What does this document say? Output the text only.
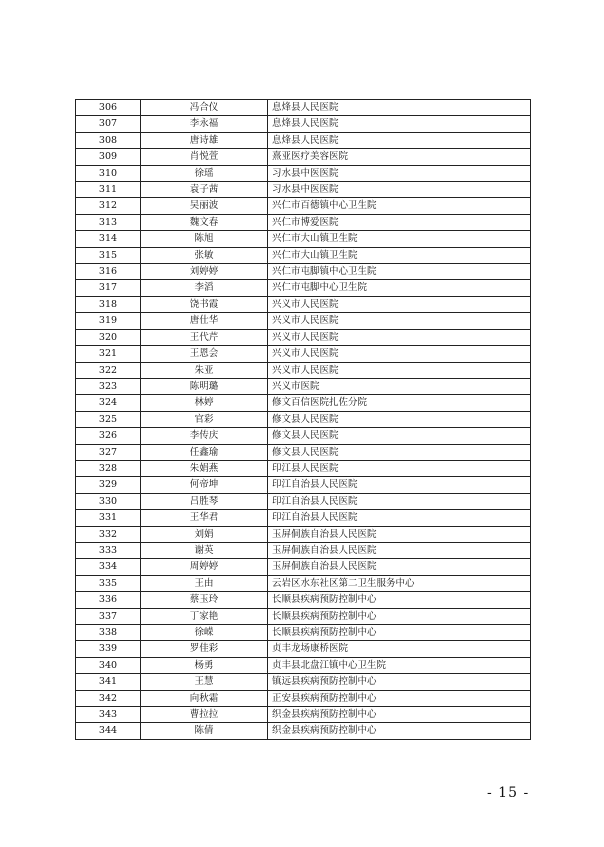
306	冯合仪	息烽县人民医院
307	李永福	息烽县人民医院
308	唐诗雄	息烽县人民医院
309	肖悦萱	熹亚医疗美容医院
310	徐瑶	习水县中医医院
311	袁子茜	习水县中医医院
312	吴丽波	兴仁市百德镇中心卫生院
313	魏文春	兴仁市博爱医院
314	陈旭	兴仁市大山镇卫生院
315	张敏	兴仁市大山镇卫生院
316	刘婷婷	兴仁市屯脚镇中心卫生院
317	李滔	兴仁市屯脚中心卫生院
318	饶书霞	兴义市人民医院
319	唐仕华	兴义市人民医院
320	王代芹	兴义市人民医院
321	王恩会	兴义市人民医院
322	朱亚	兴义市人民医院
323	陈明璐	兴义市医院
324	林婷	修文百信医院扎佐分院
325	官彩	修文县人民医院
326	李传庆	修文县人民医院
327	任鑫瑜	修文县人民医院
328	朱娟燕	印江县人民医院
329	何帝坤	印江自治县人民医院
330	吕胜琴	印江自治县人民医院
331	王华君	印江自治县人民医院
332	刘娟	玉屏侗族自治县人民医院
333	谢英	玉屏侗族自治县人民医院
334	周婷婷	玉屏侗族自治县人民医院
335	王由	云岩区水东社区第二卫生服务中心
336	蔡玉玲	长顺县疾病预防控制中心
337	丁家艳	长顺县疾病预防控制中心
338	徐嵘	长顺县疾病预防控制中心
339	罗佳彩	贞丰龙场康桥医院
340	杨勇	贞丰县北盘江镇中心卫生院
341	王慧	镇远县疾病预防控制中心
342	向秋霜	正安县疾病预防控制中心
343	曹拉拉	织金县疾病预防控制中心
344	陈倩	织金县疾病预防控制中心
- 15 -
